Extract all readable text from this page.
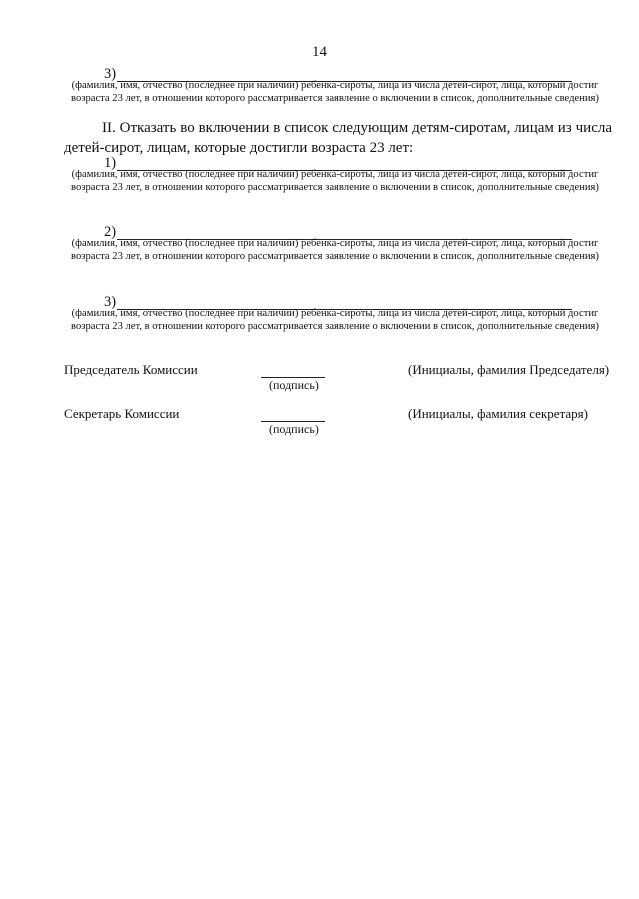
14
3)
(фамилия, имя, отчество (последнее при наличии) ребенка-сироты, лица из числа детей-сирот, лица, который достиг возраста 23 лет, в отношении которого рассматривается заявление о включении в список, дополнительные сведения)
II. Отказать во включении в список следующим детям-сиротам, лицам из числа детей-сирот, лицам, которые достигли возраста 23 лет:
1)
(фамилия, имя, отчество (последнее при наличии) ребенка-сироты, лица из числа детей-сирот, лица, который достиг возраста 23 лет, в отношении которого рассматривается заявление о включении в список, дополнительные сведения)
2)
(фамилия, имя, отчество (последнее при наличии) ребенка-сироты, лица из числа детей-сирот, лица, который достиг возраста 23 лет, в отношении которого рассматривается заявление о включении в список, дополнительные сведения)
3)
(фамилия, имя, отчество (последнее при наличии) ребенка-сироты, лица из числа детей-сирот, лица, который достиг возраста 23 лет, в отношении которого рассматривается заявление о включении в список, дополнительные сведения)
Председатель Комиссии
(подпись)
(Инициалы, фамилия Председателя)
Секретарь Комиссии
(подпись)
(Инициалы, фамилия секретаря)
